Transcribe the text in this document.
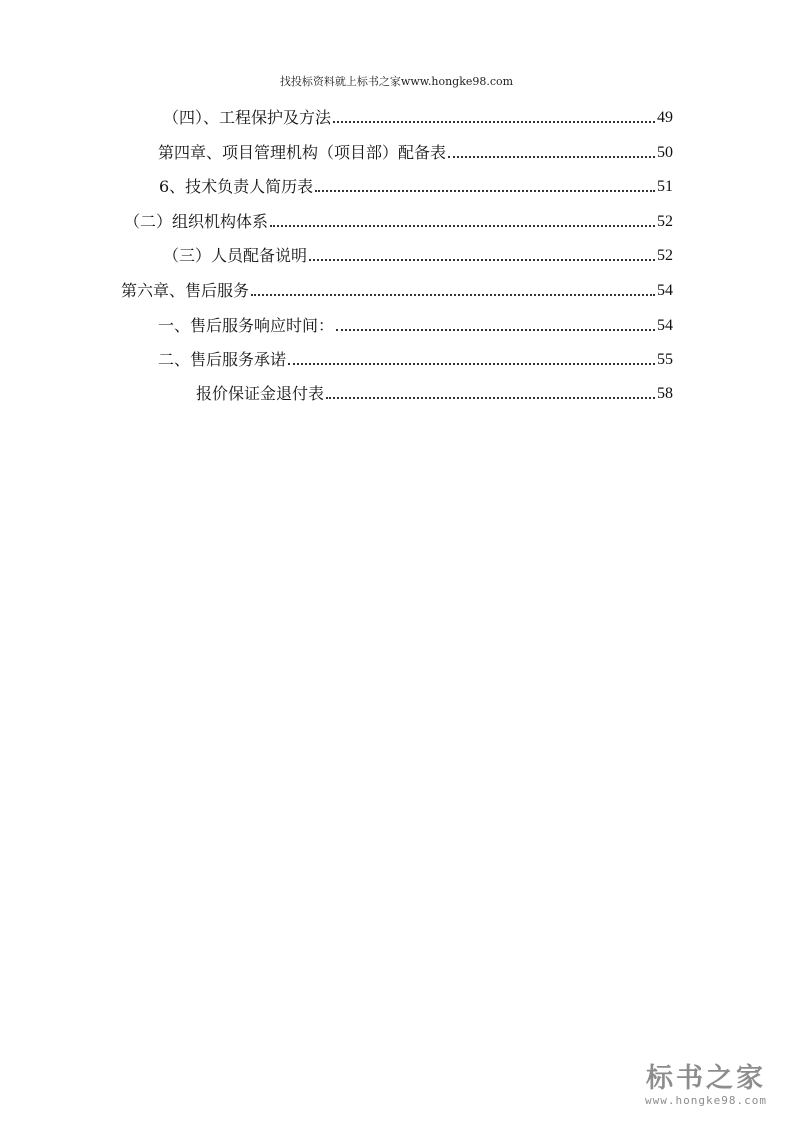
找投标资料就上标书之家www.hongke98.com
（四）、工程保护及方法	49
第四章、项目管理机构（项目部）配备表	50
6、技术负责人简历表	51
（二）组织机构体系	52
（三）人员配备说明	52
第六章、售后服务	54
一、售后服务响应时间：	54
二、售后服务承诺	55
报价保证金退付表	58
标书之家
www.hongke98.com
